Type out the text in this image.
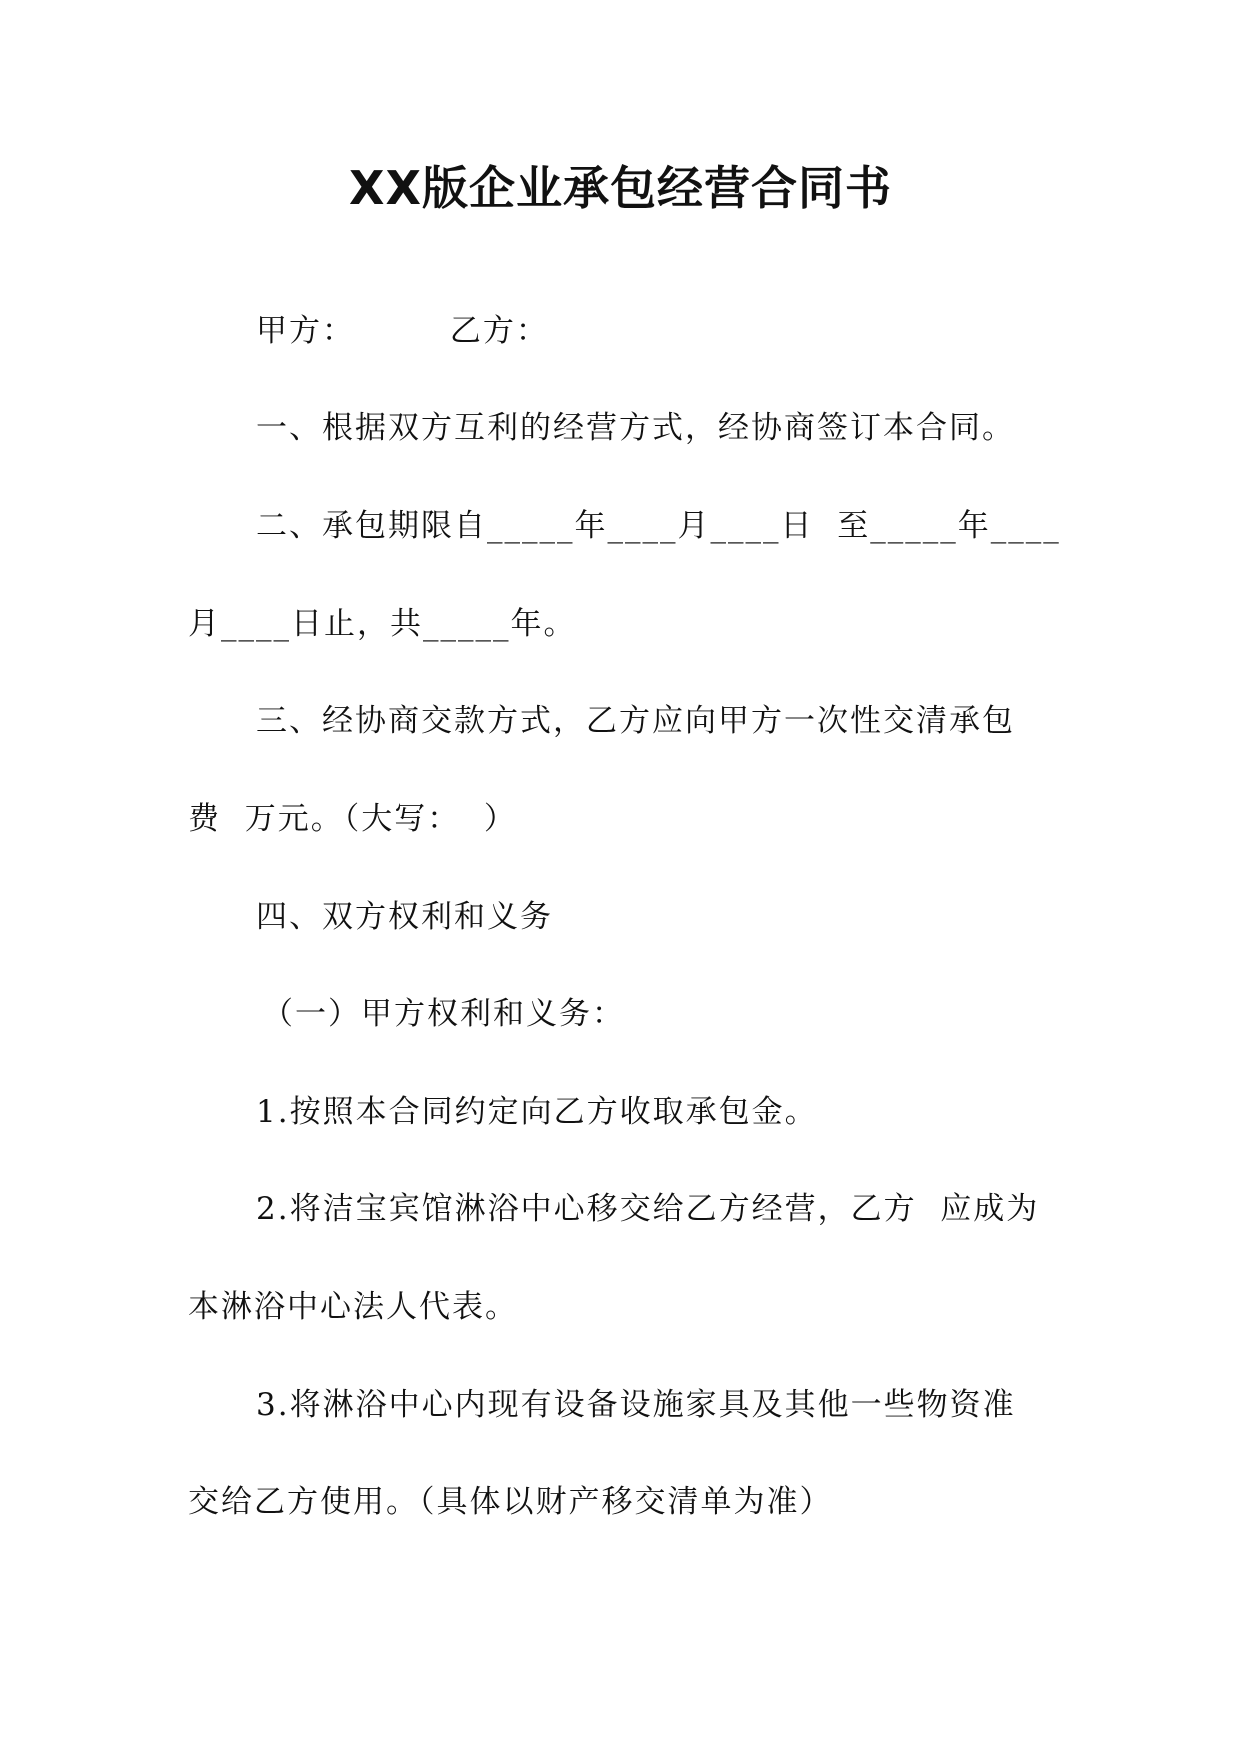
XX版企业承包经营合同书
甲方：        乙方：
一、根据双方互利的经营方式，经协商签订本合同。
二、承包期限自_____年____月____日  至_____年____
月____日止，共_____年。
三、经协商交款方式，乙方应向甲方一次性交清承包
费  万元。（大写：  ）
四、双方权利和义务
（一）甲方权利和义务：
1.按照本合同约定向乙方收取承包金。
2.将洁宝宾馆淋浴中心移交给乙方经营，乙方  应成为
本淋浴中心法人代表。
3.将淋浴中心内现有设备设施家具及其他一些物资准
交给乙方使用。（具体以财产移交清单为准）
